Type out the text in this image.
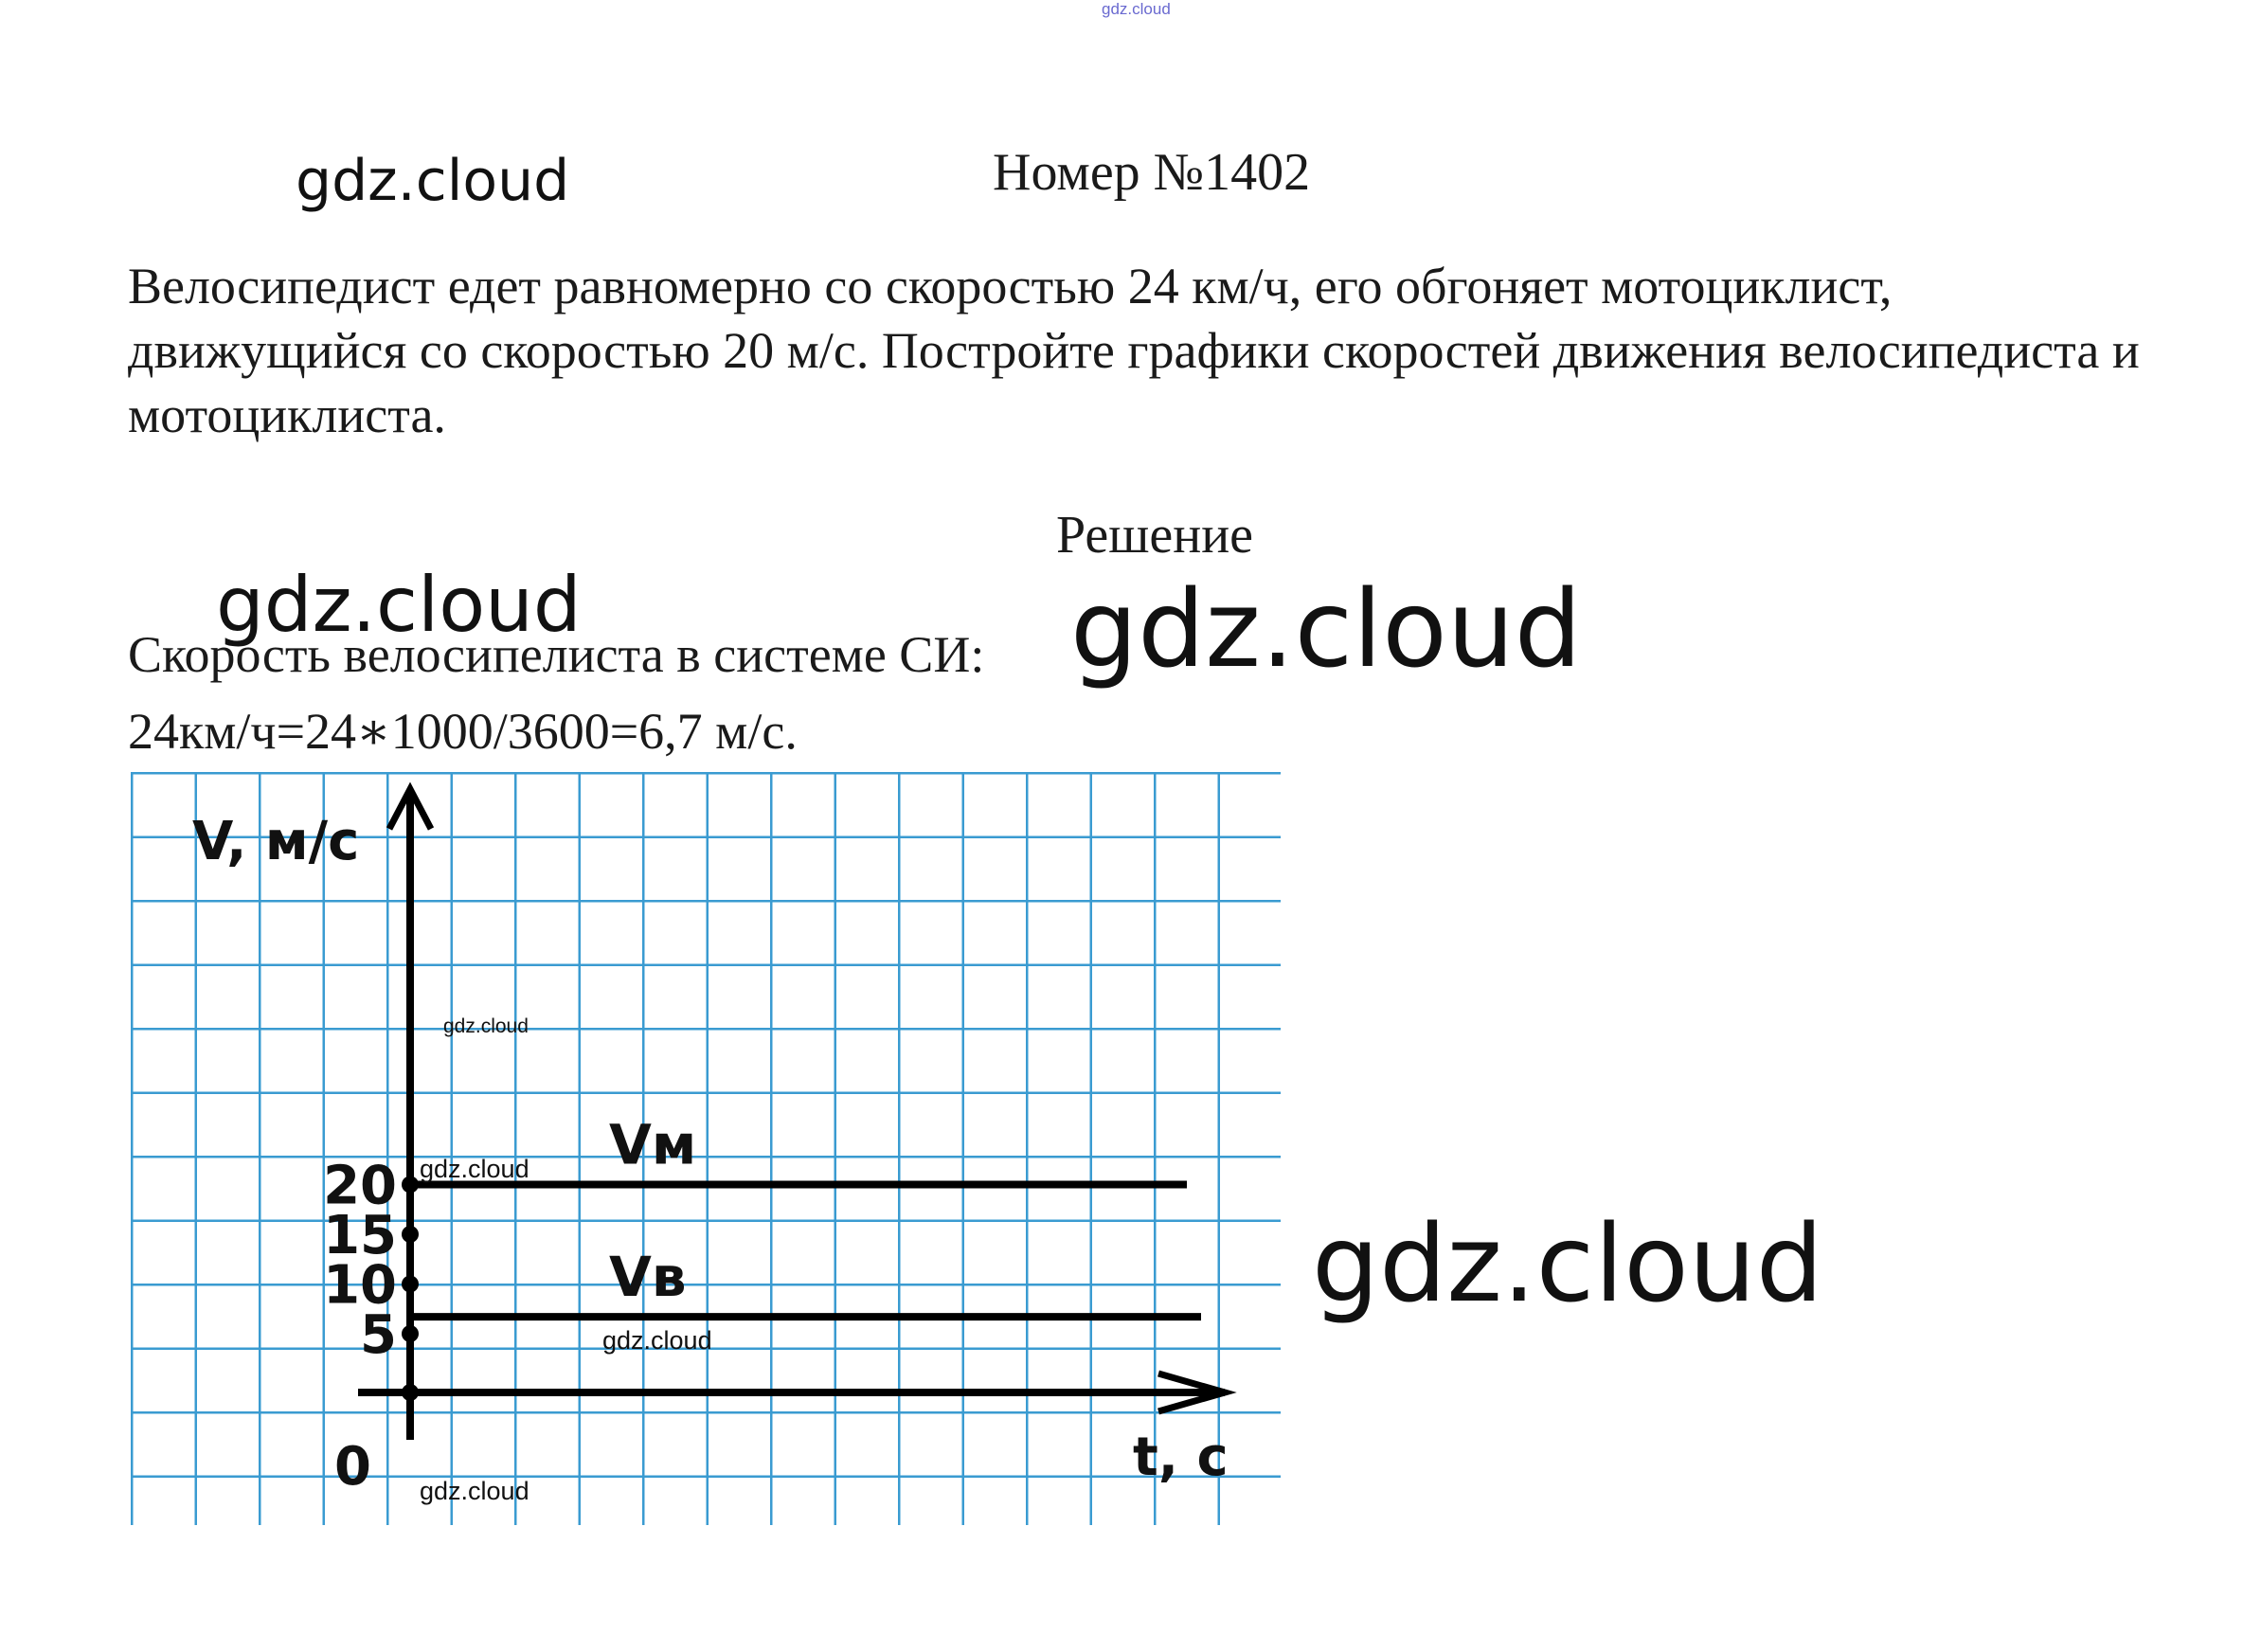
gdz.cloud
gdz.cloud	Номер №1402
Велосипедист едет равномерно со скоростью 24 км/ч, его обгоняет мотоциклист, движущийся со скоростью 20 м/с. Постройте графики скоростей движения велосипедиста и мотоциклиста.
Решение
Скорость велосипелиста в системе СИ:
gdz.cloud	gdz.cloud
24км/ч=24∗1000/3600=6,7 м/с.
V, м/с
t, с
0
5
10
15
20
Vм
Vв
gdz.cloud
gdz.cloud
gdz.cloud
gdz.cloud
gdz.cloud
